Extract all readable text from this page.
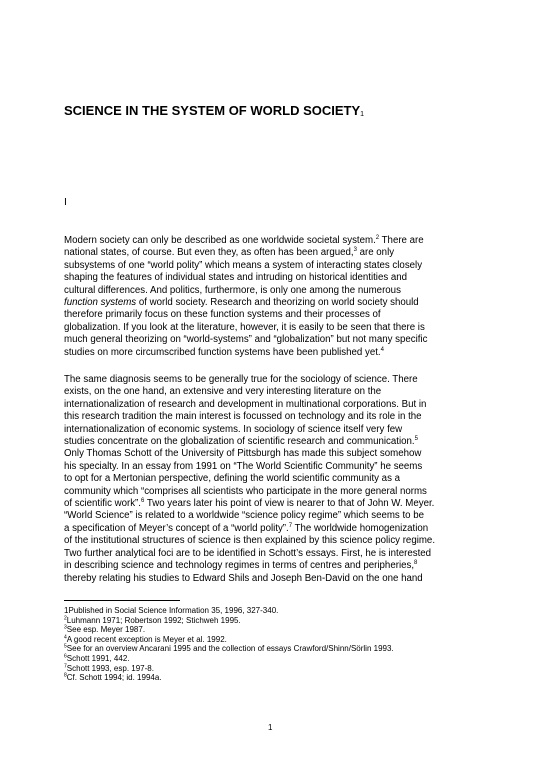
SCIENCE IN THE SYSTEM OF WORLD SOCIETY$^1$
I
Modern society can only be described as one worldwide societal system.$^2$ There are
national states, of course. But even they, as often has been argued,$^3$ are only
subsystems of one “world polity” which means a system of interacting states closely
shaping the features of individual states and intruding on historical identities and
cultural differences. And politics, furthermore, is only one among the numerous
function systems of world society. Research and theorizing on world society should
therefore primarily focus on these function systems and their processes of
globalization. If you look at the literature, however, it is easily to be seen that there is
much general theorizing on “world-systems” and “globalization” but not many specific
studies on more circumscribed function systems have been published yet.$^4$
The same diagnosis seems to be generally true for the sociology of science. There
exists, on the one hand, an extensive and very interesting literature on the
internationalization of research and development in multinational corporations. But in
this research tradition the main interest is focussed on technology and its role in the
internationalization of economic systems. In sociology of science itself very few
studies concentrate on the globalization of scientific research and communication.$^5$
Only Thomas Schott of the University of Pittsburgh has made this subject somehow
his specialty. In an essay from 1991 on “The World Scientific Community” he seems
to opt for a Mertonian perspective, defining the world scientific community as a
community which “comprises all scientists who participate in the more general norms
of scientific work”.$^6$ Two years later his point of view is nearer to that of John W. Meyer.
“World Science” is related to a worldwide “science policy regime” which seems to be
a specification of Meyer’s concept of a “world polity”.$^7$ The worldwide homogenization
of the institutional structures of science is then explained by this science policy regime.
Two further analytical foci are to be identified in Schott’s essays. First, he is interested
in describing science and technology regimes in terms of centres and peripheries,$^8$
thereby relating his studies to Edward Shils and Joseph Ben-David on the one hand
1Published in Social Science Information 35, 1996, 327-340.
$^2$Luhmann 1971; Robertson 1992; Stichweh 1995.
$^3$See esp. Meyer 1987.
$^4$A good recent exception is Meyer et al. 1992.
$^5$See for an overview Ancarani 1995 and the collection of essays Crawford/Shinn/Sörlin 1993.
$^6$Schott 1991, 442.
$^7$Schott 1993, esp. 197-8.
$^8$Cf. Schott 1994; id. 1994a.
1
